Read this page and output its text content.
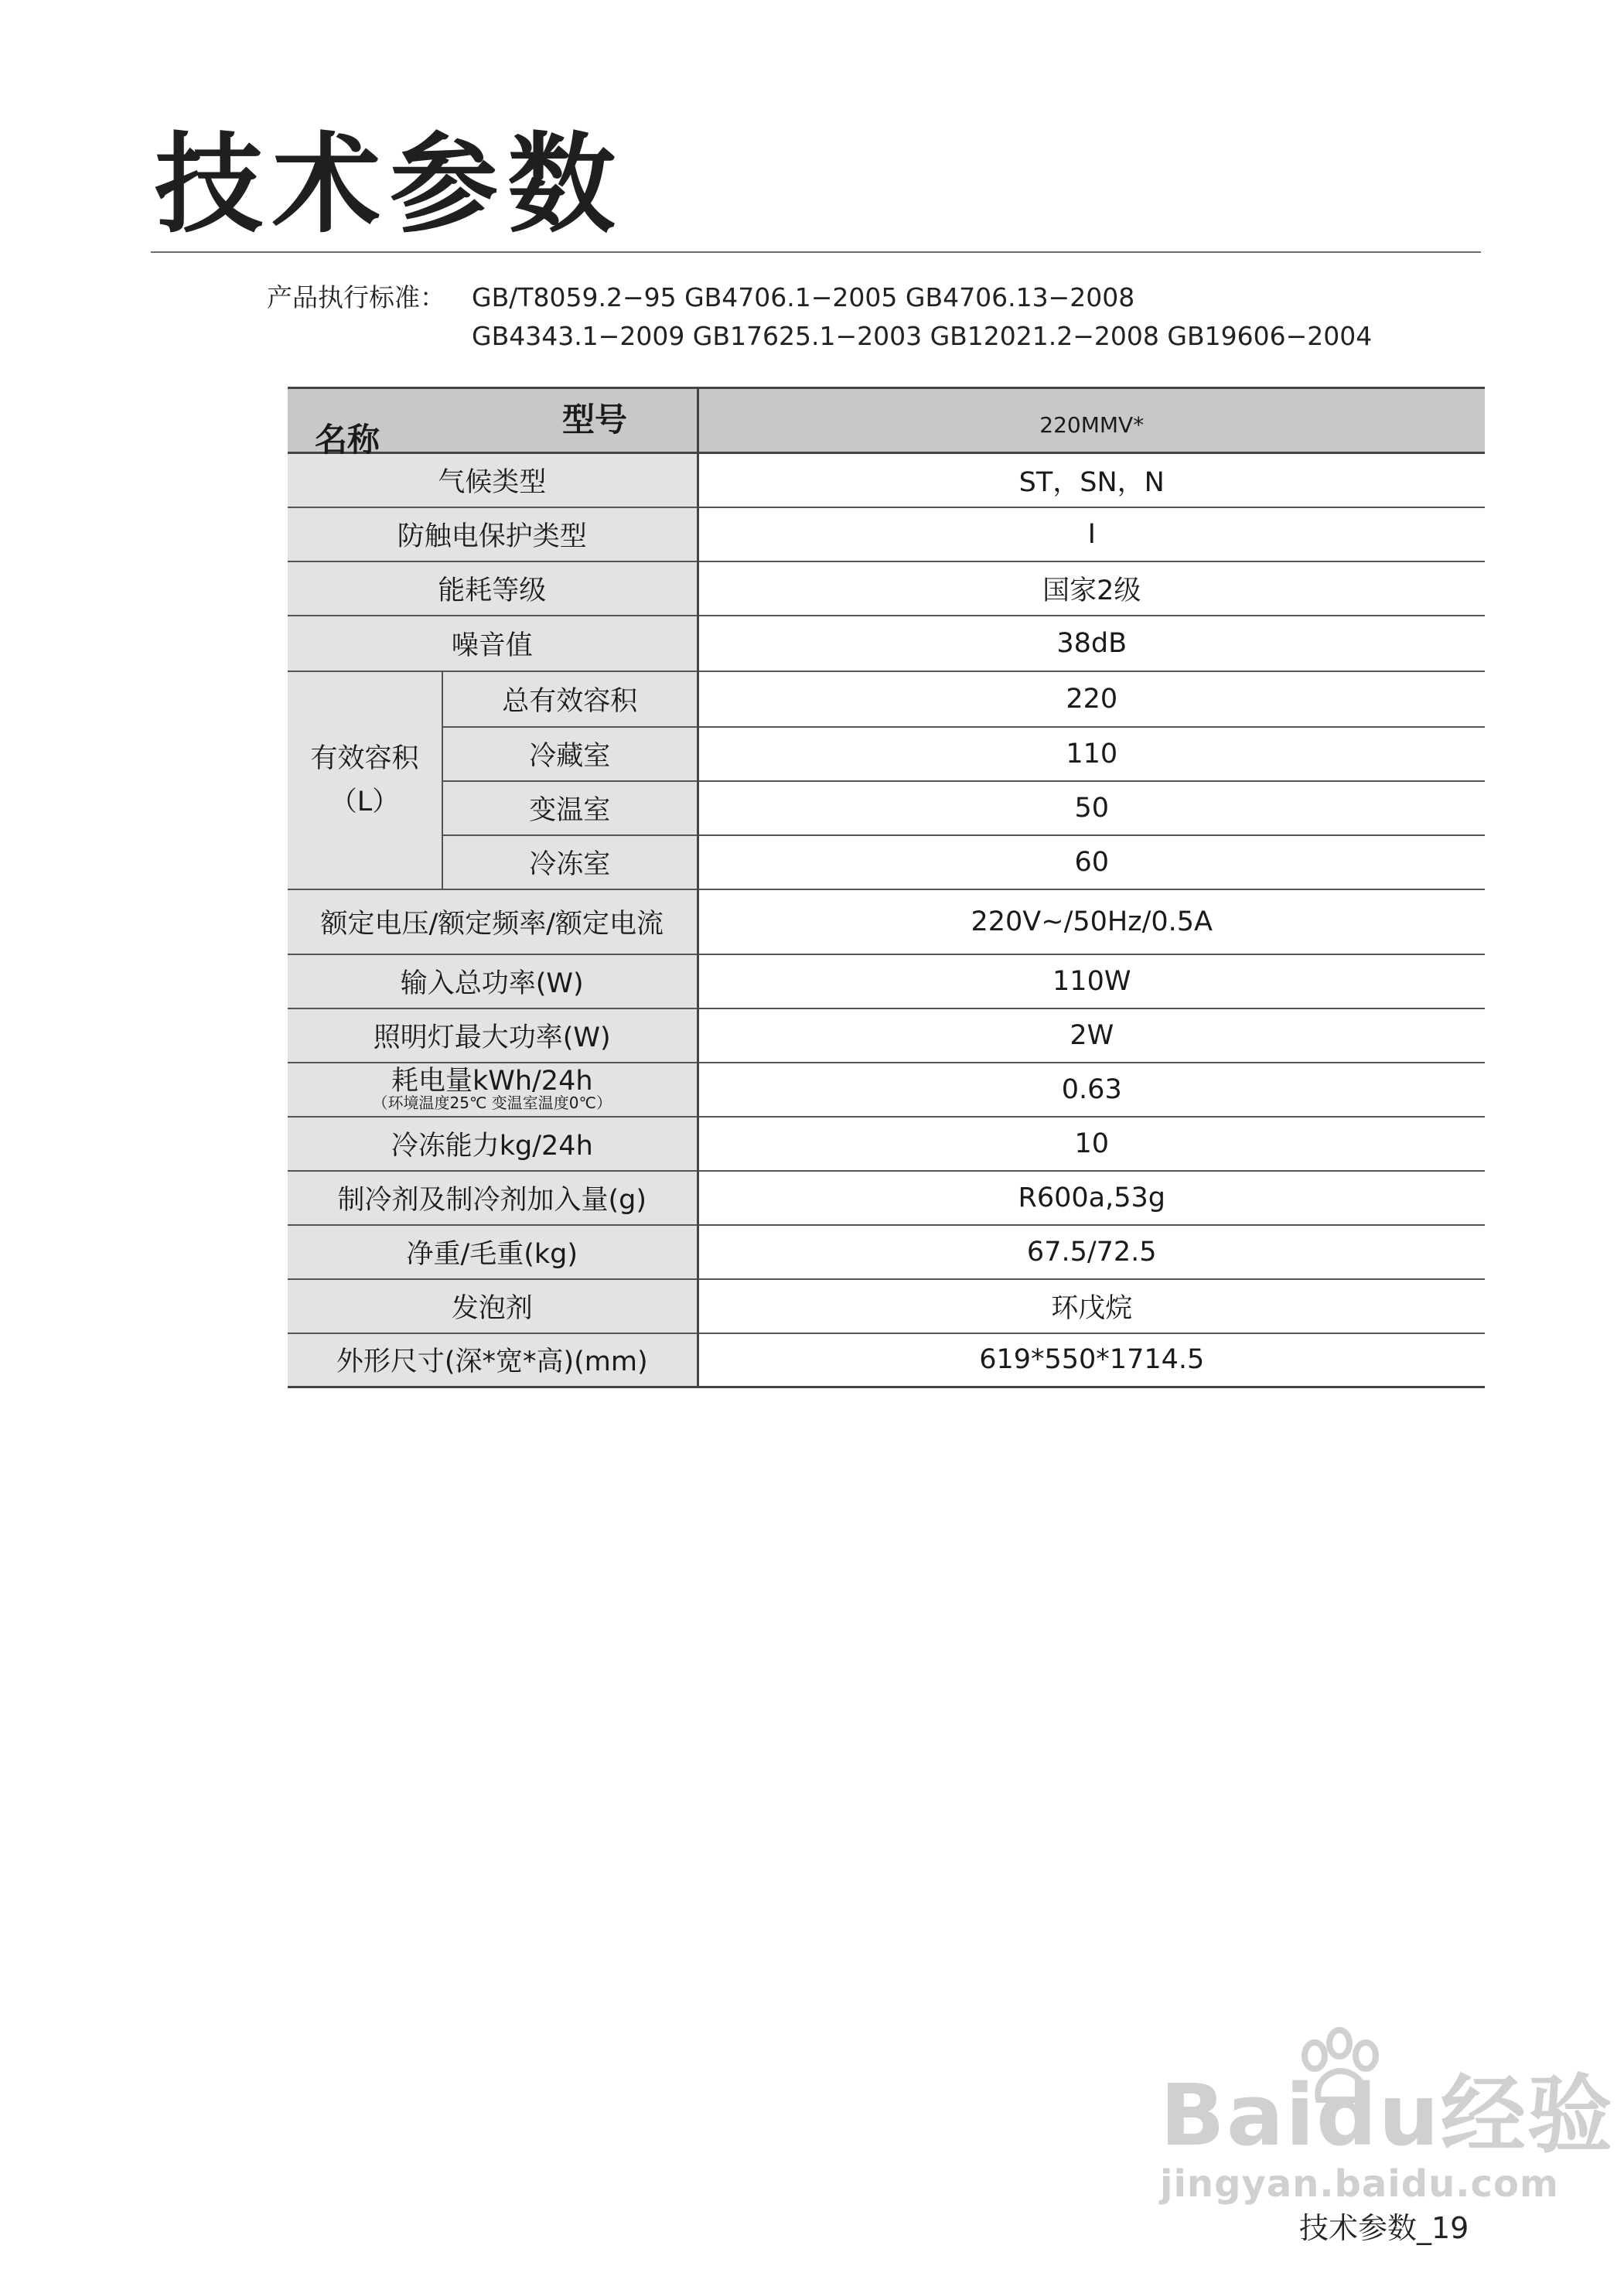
技术参数
产品执行标准： GB/T8059.2−95 GB4706.1−2005 GB4706.13−2008
GB4343.1−2009 GB17625.1−2003 GB12021.2−2008 GB19606−2004
型号
名称		220MMV*
气候类型		ST，SN，N
防触电保护类型		Ⅰ
能耗等级		国家2级
噪音值		38dB
有效容积
（L）	总有效容积	220
	冷藏室	110
	变温室	50
	冷冻室	60
额定电压/额定频率/额定电流		220V~/50Hz/0.5A
输入总功率(W)		110W
照明灯最大功率(W)		2W
耗电量kWh/24h
（环境温度25℃ 变温室温度0℃）		0.63
冷冻能力kg/24h		10
制冷剂及制冷剂加入量(g)		R600a,53g
净重/毛重(kg)		67.5/72.5
发泡剂		环戊烷
外形尺寸(深*宽*高)(mm)		619*550*1714.5
Baidu经验
jingyan.baidu.com
技术参数_19
